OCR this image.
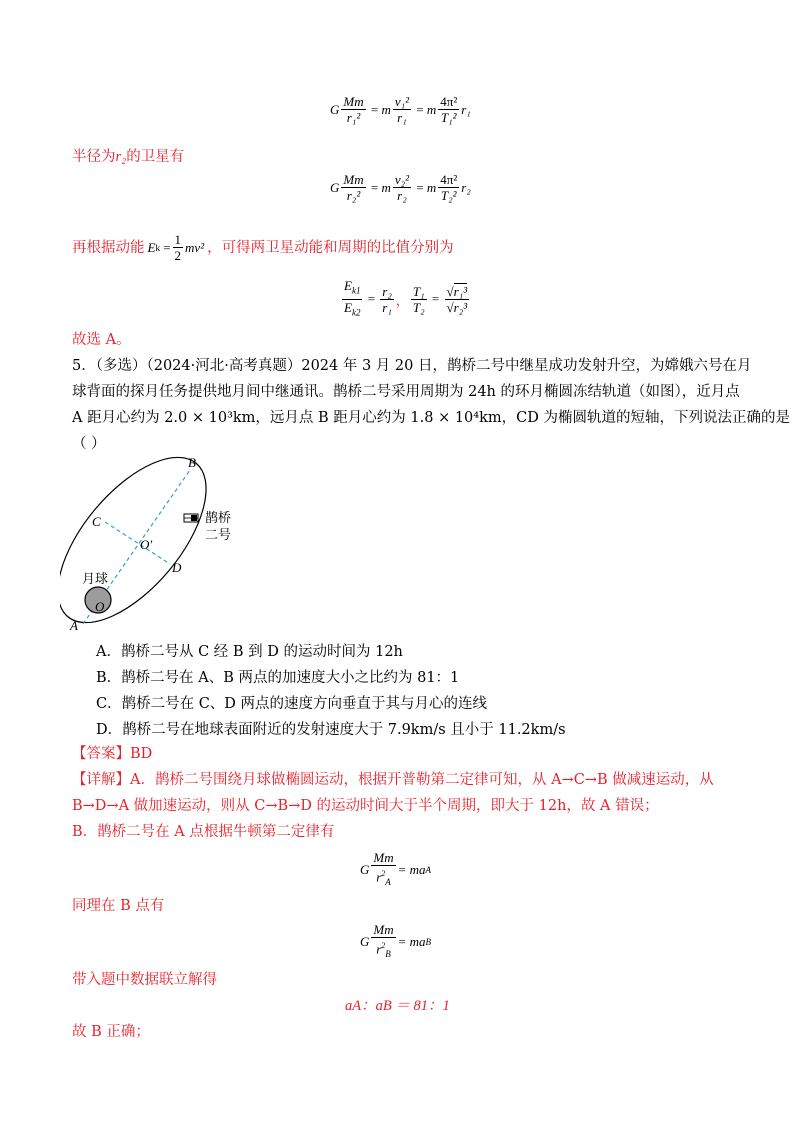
G $\frac{Mm}{\text{r₁²}} = m \frac{\text{v₁²}}{\text{r₁}} = m \frac{\text{4π²}}{\text{T₁²}} r_1$
半径为r₂的卫星有
G $\frac{Mm}{\text{r₂²}} = m \frac{\text{v₂²}}{\text{r₂}} = m \frac{\text{4π²}}{\text{T₂²}} r_2$
再根据动能 E k
= $\frac{1}{2} mv^2$ ，可得两卫星动能和周期的比值分别为
$\frac{E_{k1}}{E_{k2}} = \frac{\text{r₂}}{\text{r₁}}$ ， $\frac{\text{T₁}}{\text{T₂}} = \frac{\text{√r₁³}}{\text{√r₂³}}$
故选 A。
5．（多选）（2024·河北·高考真题）2024 年 3 月 20 日，鹊桥二号中继星成功发射升空，为嫦娥六号在月
球背面的探月任务提供地月间中继通讯。鹊桥二号采用周期为 24h 的环月椭圆冻结轨道（如图），近月点
A 距月心约为 2.0 × 10³km，远月点 B 距月心约为 1.8 × 10⁴km，CD 为椭圆轨道的短轴，下列说法正确的是
（ ）
B
C
O′
D
月球
O
A
鹊桥
二号
A．鹊桥二号从 C 经 B 到 D 的运动时间为 12h
B．鹊桥二号在 A、B 两点的加速度大小之比约为 81：1
C．鹊桥二号在 C、D 两点的速度方向垂直于其与月心的连线
D．鹊桥二号在地球表面附近的发射速度大于 7.9km/s 且小于 11.2km/s
【答案】BD
【详解】A．鹊桥二号围绕月球做椭圆运动，根据开普勒第二定律可知，从 A→C→B 做减速运动，从
B→D→A 做加速运动，则从 C→B→D 的运动时间大于半个周期，即大于 12h，故 A 错误；
B．鹊桥二号在 A 点根据牛顿第二定律有
G $\frac{Mm}{r^2_A}$ = ma A
同理在 B 点有
G $\frac{Mm}{r^2_B}$ = ma B
带入题中数据联立解得
aA：aB ＝ 81：1
故 B 正确；
